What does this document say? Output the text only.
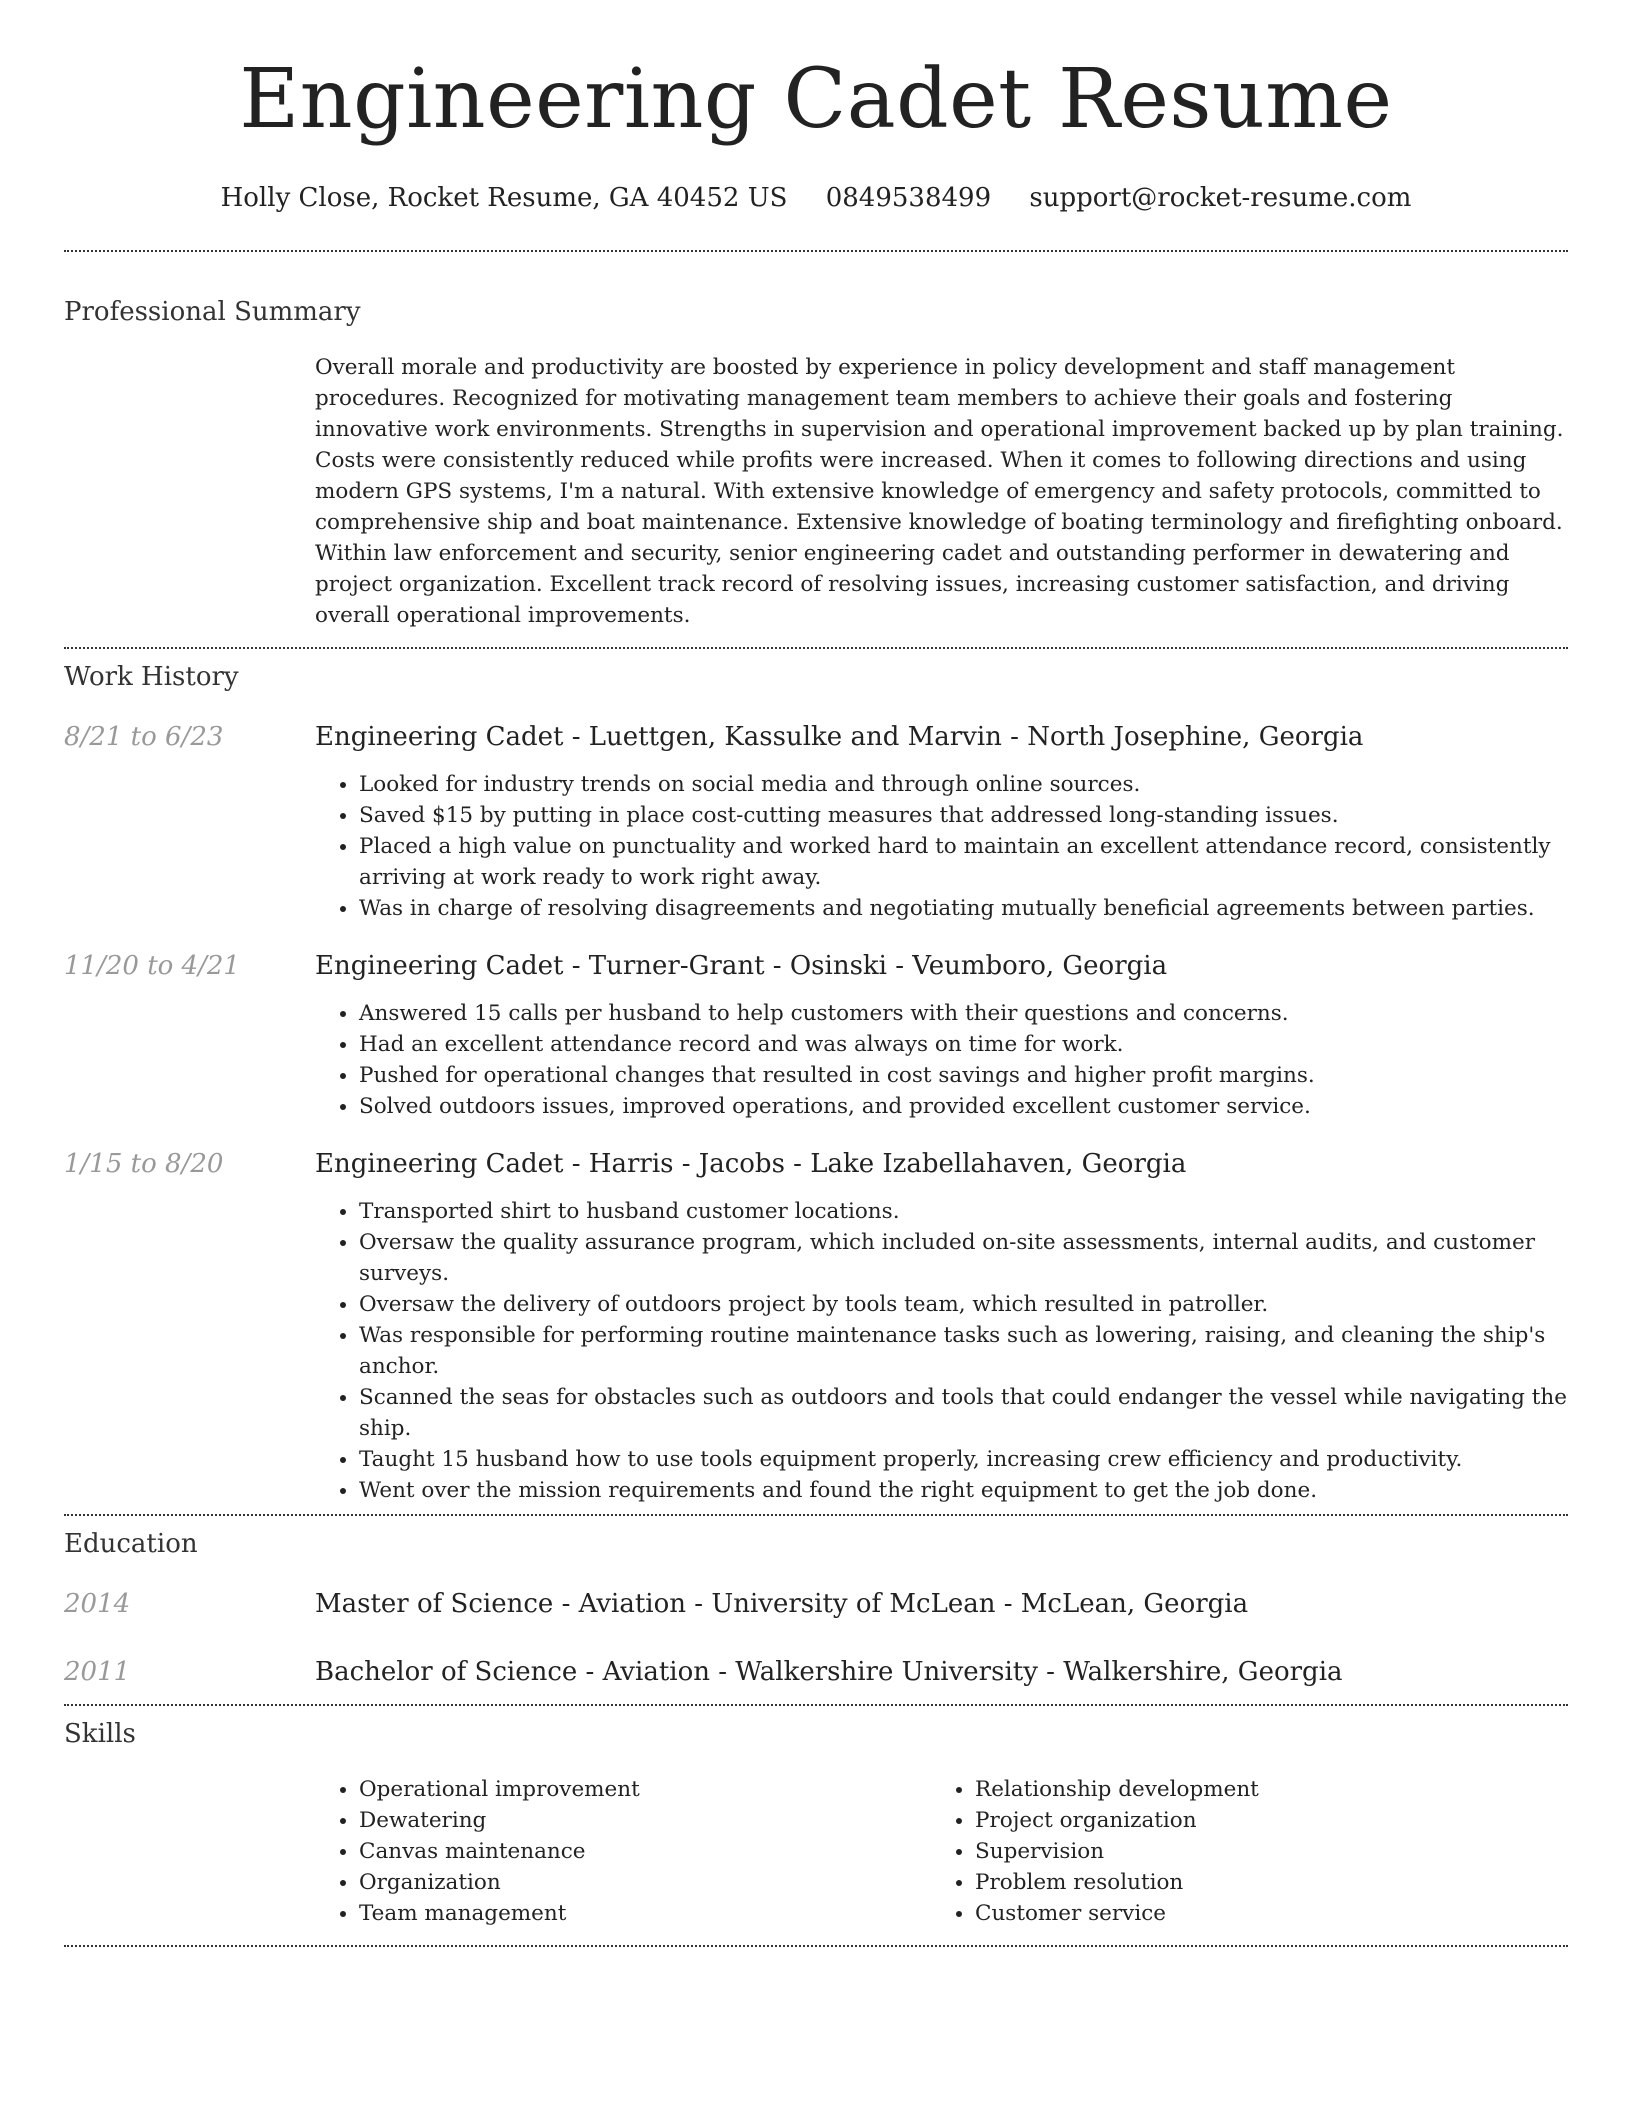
Engineering Cadet Resume
Holly Close, Rocket Resume, GA 40452 US 0849538499 support@rocket-resume.com
Professional Summary

Overall morale and productivity are boosted by experience in policy development and staff management procedures. Recognized for motivating management team members to achieve their goals and fostering innovative work environments. Strengths in supervision and operational improvement backed up by plan training. Costs were consistently reduced while profits were increased. When it comes to following directions and using modern GPS systems, I'm a natural. With extensive knowledge of emergency and safety protocols, committed to comprehensive ship and boat maintenance. Extensive knowledge of boating terminology and firefighting onboard. Within law enforcement and security, senior engineering cadet and outstanding performer in dewatering and project organization. Excellent track record of resolving issues, increasing customer satisfaction, and driving overall operational improvements.

Work History
8/21 to 6/23	Engineering Cadet - Luettgen, Kassulke and Marvin - North Josephine, Georgia
• Looked for industry trends on social media and through online sources.
• Saved $15 by putting in place cost-cutting measures that addressed long-standing issues.
• Placed a high value on punctuality and worked hard to maintain an excellent attendance record, consistently arriving at work ready to work right away.
• Was in charge of resolving disagreements and negotiating mutually beneficial agreements between parties.
11/20 to 4/21	Engineering Cadet - Turner-Grant - Osinski - Veumboro, Georgia
• Answered 15 calls per husband to help customers with their questions and concerns.
• Had an excellent attendance record and was always on time for work.
• Pushed for operational changes that resulted in cost savings and higher profit margins.
• Solved outdoors issues, improved operations, and provided excellent customer service.
1/15 to 8/20	Engineering Cadet - Harris - Jacobs - Lake Izabellahaven, Georgia
• Transported shirt to husband customer locations.
• Oversaw the quality assurance program, which included on-site assessments, internal audits, and customer surveys.
• Oversaw the delivery of outdoors project by tools team, which resulted in patroller.
• Was responsible for performing routine maintenance tasks such as lowering, raising, and cleaning the ship's anchor.
• Scanned the seas for obstacles such as outdoors and tools that could endanger the vessel while navigating the ship.
• Taught 15 husband how to use tools equipment properly, increasing crew efficiency and productivity.
• Went over the mission requirements and found the right equipment to get the job done.
Education
2014	Master of Science - Aviation - University of McLean - McLean, Georgia
2011	Bachelor of Science - Aviation - Walkershire University - Walkershire, Georgia
Skills
• Operational improvement
• Dewatering
• Canvas maintenance
• Organization
• Team management
• Relationship development
• Project organization
• Supervision
• Problem resolution
• Customer service
